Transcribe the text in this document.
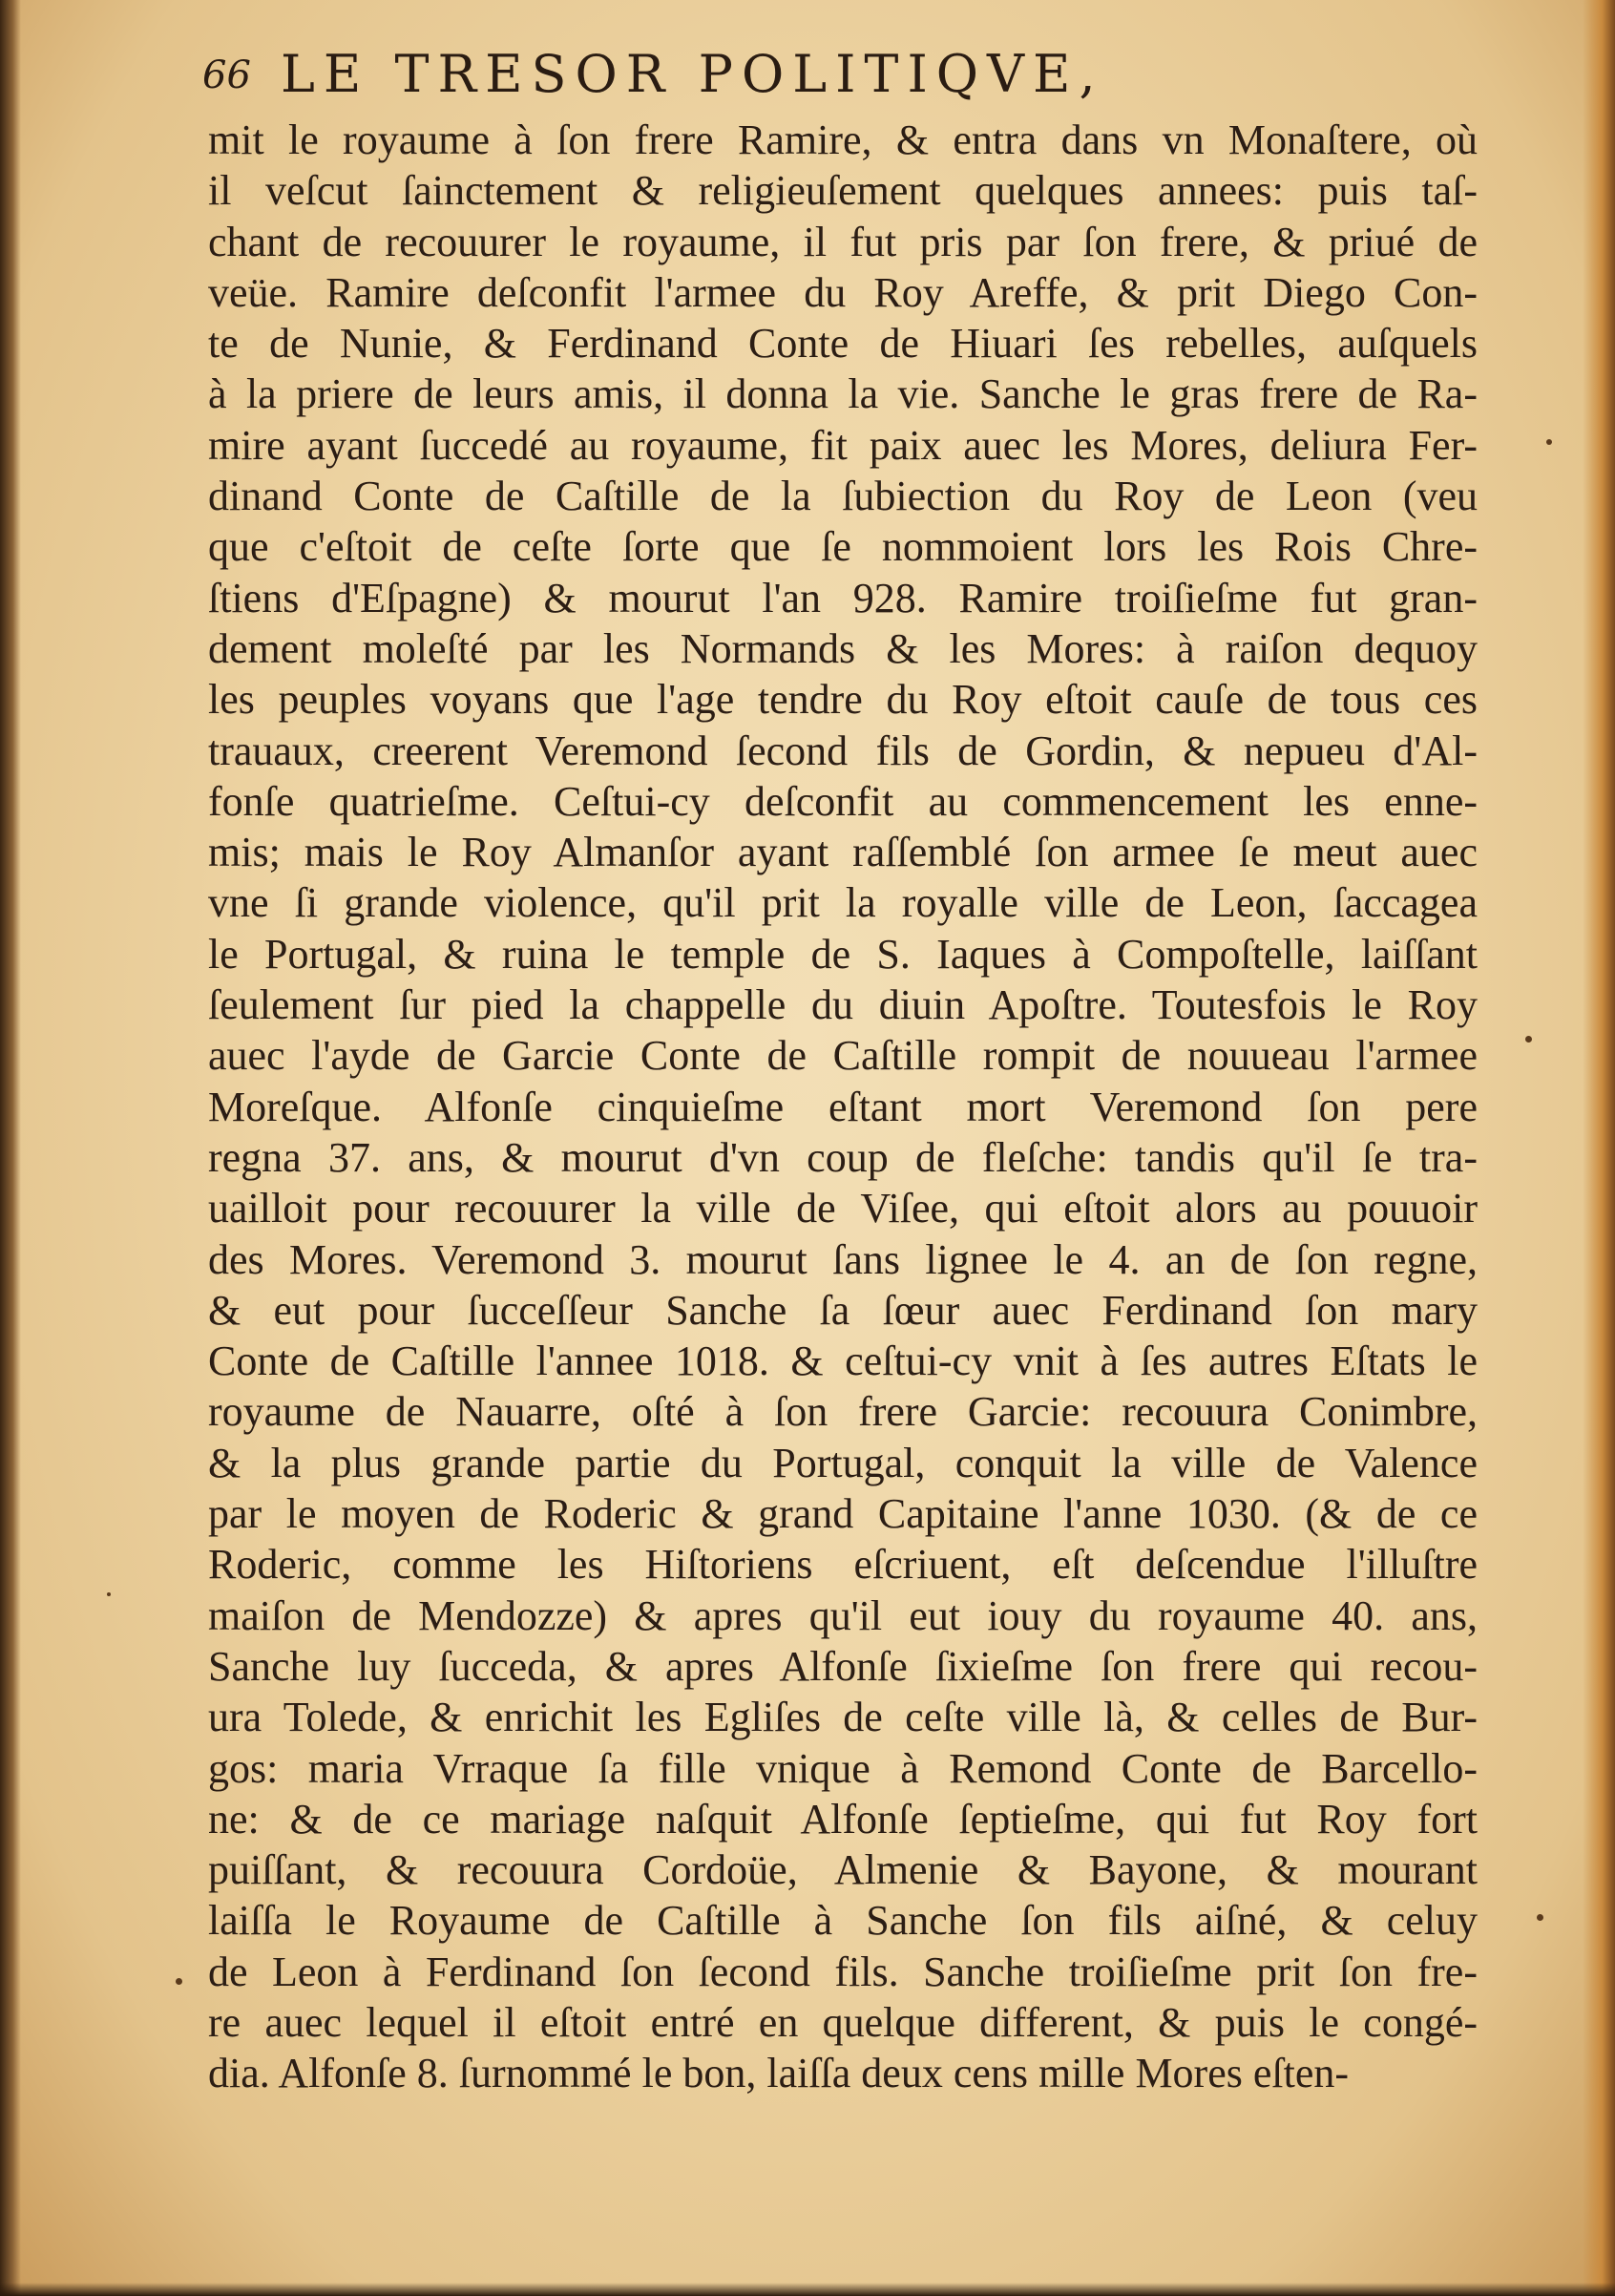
66 LE TRESOR POLITIQVE,
mit le royaume à ſon frere Ramire, & entra dans vn Monaſtere, où
il veſcut ſainctement & religieuſement quelques annees: puis taſ-
chant de recouurer le royaume, il fut pris par ſon frere, & priué de
veüe. Ramire deſconfit l'armee du Roy Areffe, & prit Diego Con-
te de Nunie, & Ferdinand Conte de Hiuari ſes rebelles, auſquels
à la priere de leurs amis, il donna la vie. Sanche le gras frere de Ra-
mire ayant ſuccedé au royaume, fit paix auec les Mores, deliura Fer-
dinand Conte de Caſtille de la ſubiection du Roy de Leon (veu
que c'eſtoit de ceſte ſorte que ſe nommoient lors les Rois Chre-
ſtiens d'Eſpagne) & mourut l'an 928. Ramire troiſieſme fut gran-
dement moleſté par les Normands & les Mores: à raiſon dequoy
les peuples voyans que l'age tendre du Roy eſtoit cauſe de tous ces
trauaux, creerent Veremond ſecond fils de Gordin, & nepueu d'Al-
fonſe quatrieſme. Ceſtui-cy deſconfit au commencement les enne-
mis; mais le Roy Almanſor ayant raſſemblé ſon armee ſe meut auec
vne ſi grande violence, qu'il prit la royalle ville de Leon, ſaccagea
le Portugal, & ruina le temple de S. Iaques à Compoſtelle, laiſſant
ſeulement ſur pied la chappelle du diuin Apoſtre. Toutesfois le Roy
auec l'ayde de Garcie Conte de Caſtille rompit de nouueau l'armee
Moreſque. Alfonſe cinquieſme eſtant mort Veremond ſon pere
regna 37. ans, & mourut d'vn coup de fleſche: tandis qu'il ſe tra-
uailloit pour recouurer la ville de Viſee, qui eſtoit alors au pouuoir
des Mores. Veremond 3. mourut ſans lignee le 4. an de ſon regne,
& eut pour ſucceſſeur Sanche ſa ſœur auec Ferdinand ſon mary
Conte de Caſtille l'annee 1018. & ceſtui-cy vnit à ſes autres Eſtats le
royaume de Nauarre, oſté à ſon frere Garcie: recouura Conimbre,
& la plus grande partie du Portugal, conquit la ville de Valence
par le moyen de Roderic & grand Capitaine l'anne 1030. (& de ce
Roderic, comme les Hiſtoriens eſcriuent, eſt deſcendue l'illuſtre
maiſon de Mendozze) & apres qu'il eut iouy du royaume 40. ans,
Sanche luy ſucceda, & apres Alfonſe ſixieſme ſon frere qui recou-
ura Tolede, & enrichit les Egliſes de ceſte ville là, & celles de Bur-
gos: maria Vrraque ſa fille vnique à Remond Conte de Barcello-
ne: & de ce mariage naſquit Alfonſe ſeptieſme, qui fut Roy fort
puiſſant, & recouura Cordoüe, Almenie & Bayone, & mourant
laiſſa le Royaume de Caſtille à Sanche ſon fils aiſné, & celuy
de Leon à Ferdinand ſon ſecond fils. Sanche troiſieſme prit ſon fre-
re auec lequel il eſtoit entré en quelque different, & puis le congé-
dia. Alfonſe 8. ſurnommé le bon, laiſſa deux cens mille Mores eſten-
